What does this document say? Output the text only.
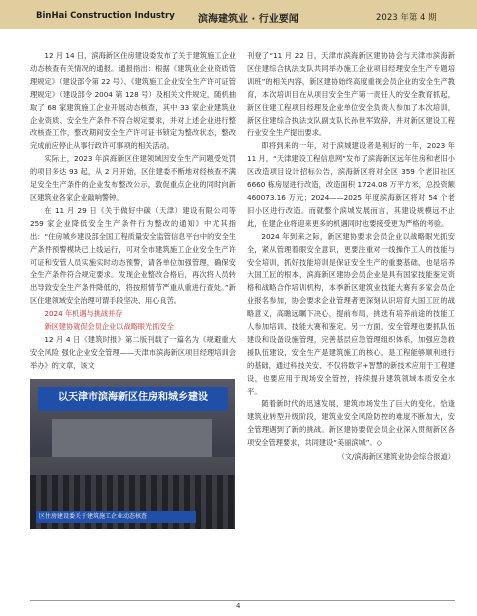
BinHai Construction Industry 滨海建筑业 · 行业要闻	2023 年第 4 期

12 月 14 日，滨海新区住房建设委发布了关于建筑施工企业动态核查有关情况的通报。通报指出：根据《建筑业企业资质管理规定》（建设部令第 22 号）、《建筑施工企业安全生产许可证管理规定》（建设部令 2004 第 128 号）及相关文件规定，随机抽取了 68 家建筑施工企业开展动态核查，其中 33 家企业建筑业企业资质、安全生产条件不符合规定要求，并对上述企业进行整改核查工作，整改期间安全生产许可证书锁定为整改状态，整改完成前应停止从事行政许可事项的相关活动。

实际上，2023 年滨海新区住建领域因安全生产问题受处罚的项目多达 93 起，从 2 月开始，区住建委不断地对经核查不满足安全生产条件的企业发布整改公示，敦促重点企业的同时向新区建筑业各家企业敲响警钟。

在 11 月 29 日《关于做好中碳（天津）建设有限公司等 259 家企业降低安全生产条件行为整改的通知》中尤其指出：“住房城乡建设部全国工程质量安全监管信息平台中的安全生产条件预警模块已上线运行，可对全市建筑施工企业安全生产许可证和安管人员实施实时动态预警，请各单位加强管理，确保安全生产条件符合规定要求。发现企业整改合格后，再次将人员转出导致安全生产条件降低的，将按照情节严重从重进行查处。”新区住建领域安全治理可谓手段坚决、用心良苦。

2024 年机遇与挑战并存

新区建协就促会员企业以战略眼光抓安全

12 月 4 日《建筑时报》第二版刊载了一篇名为《规避重大安全风险 强化企业安全管理——天津市滨海新区项目经理培训会举办》的文章，该文

以天津市滨海新区住房和城乡建设
区住房建设委关于建筑施工企业动态核查

刊登了“11 月 22 日，天津市滨海新区建协协会与天津市滨海新区住建综合执法支队共同举办施工企业项目经理安全生产专题培训班”的相关内容，新区建协始终高度重视会员企业的安全生产教育，本次培训目在从项目安全生产第一责任人的安全教育抓起，新区住建工程项目经理及企业单位安全负责人参加了本次培训，新区住建综合执法支队副支队长孙世军致辞，并对新区建设工程行业安全生产提出要求。

即将到来的一年，对于滨城建设者是利好的一年，2023 年 11 月，“天津建设工程信息网”发布了滨海新区远年住房和老旧小区改造项目设计招标公告，滨海新区将对全区 359 个老旧社区 6660 栋房屋进行改造，改造面积 1724.08 万平方米，总投资额 460073.16 万元；2024——2025 年度滨海新区将对 54 个老旧小区进行改造。而就整个滨城发展而言，其建设规模远不止此，在建企业将迎来更多的机遇同时也要接受更为严格的考验。

2024 年到来之际，新区建协要求会员企业以战略眼光抓安全，紧从管理着眼安全意识，更要注重对一线操作工人的技能与安全培训，抓好技能培训是保证安全生产的重要基础，也是培养大国工匠的根本，滨海新区建协会员企业是具有国家技能鉴定资格和战略合作培训机构，本季新区建筑业技能大赛有多家会员企业报名参加，协会要求企业管理者更深刻认识培育大国工匠的战略意义，高瞻远瞩下决心，提前布局，挑选有培养前途的技能工人参加培训、技能大赛和鉴定。另一方面，安全管理也要抓队伍建设和设备设施管理，完善基层应急管理组织体系，加强应急救援队伍建设，安全生产是建筑施工的核心，是工程能够顺利进行的基础，通过科技关安、不仅将数字+智慧的新技术应用于工程建设，也要应用于现场安全管控，持续提升建筑领域本质安全水平。

随着新时代的迅速发展，建筑市场发生了巨大的变化，恰逢建筑业转型升级阶段，建筑业安全风险防控的难度不断加大，安全管理遇到了新的挑战。新区建协要促会员企业深入贯彻新区各项安全管理要求，共同建设“美丽滨城”。◇

（文/滨海新区建筑业协会综合报道）
4
